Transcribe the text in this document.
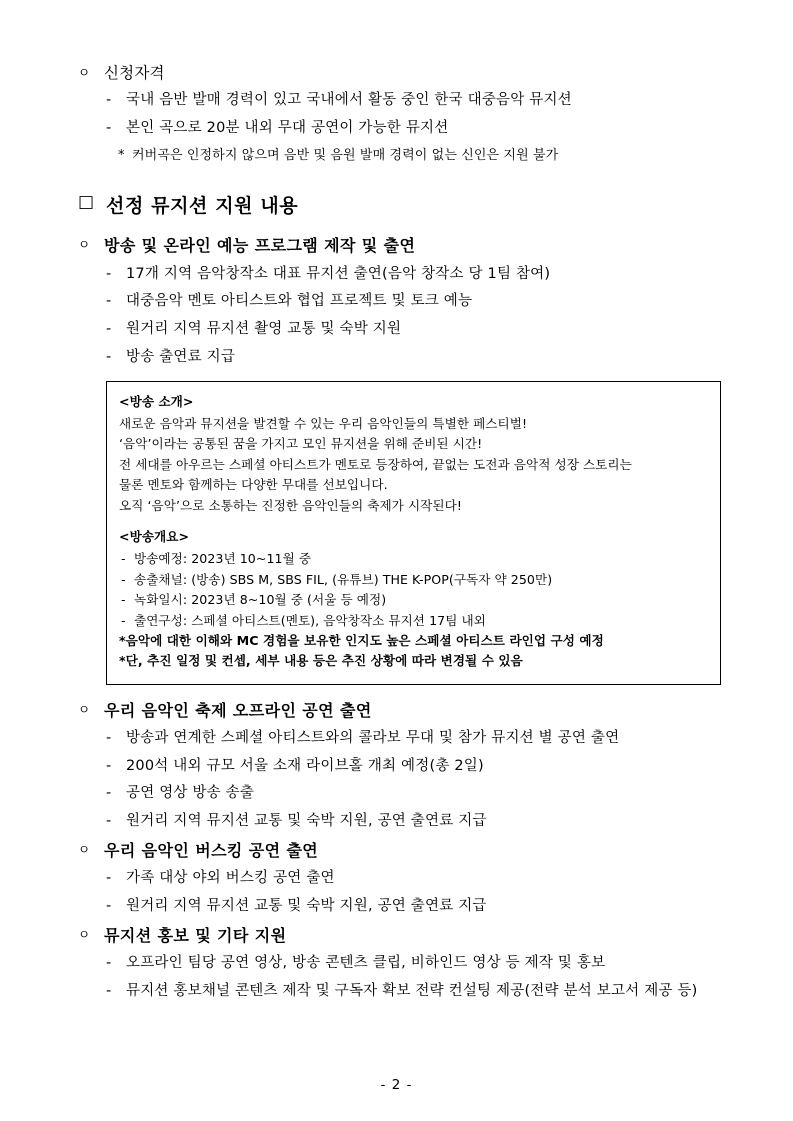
ㅇ 신청자격
-	국내 음반 발매 경력이 있고 국내에서 활동 중인 한국 대중음악 뮤지션
-	본인 곡으로 20분 내외 무대 공연이 가능한 뮤지션
* 커버곡은 인정하지 않으며 음반 및 음원 발매 경력이 없는 신인은 지원 불가
□ 선정 뮤지션 지원 내용
ㅇ 방송 및 온라인 예능 프로그램 제작 및 출연
-	17개 지역 음악창작소 대표 뮤지션 출연(음악 창작소 당 1팀 참여)
-	대중음악 멘토 아티스트와 협업 프로젝트 및 토크 예능
-	원거리 지역 뮤지션 촬영 교통 및 숙박 지원
-	방송 출연료 지급

<방송 소개>

새로운 음악과 뮤지션을 발견할 수 있는 우리 음악인들의 특별한 페스티벌!

‘음악’이라는 공통된 꿈을 가지고 모인 뮤지션을 위해 준비된 시간!

전 세대를 아우르는 스페셜 아티스트가 멘토로 등장하여, 끝없는 도전과 음악적 성장 스토리는

물론 멘토와 함께하는 다양한 무대를 선보입니다.

오직 ‘음악’으로 소통하는 진정한 음악인들의 축제가 시작된다!

<방송개요>

- 방송예정: 2023년 10~11월 중
- 송출채널: (방송) SBS M, SBS FIL, (유튜브) THE K-POP(구독자 약 250만)
- 녹화일시: 2023년 8~10월 중 (서울 등 예정)
- 출연구성: 스페셜 아티스트(멘토), 음악창작소 뮤지션 17팀 내외

*음악에 대한 이해와 MC 경험을 보유한 인지도 높은 스페셜 아티스트 라인업 구성 예정

*단, 추진 일정 및 컨셉, 세부 내용 등은 추진 상황에 따라 변경될 수 있음

ㅇ 우리 음악인 축제 오프라인 공연 출연
-	방송과 연계한 스페셜 아티스트와의 콜라보 무대 및 참가 뮤지션 별 공연 출연
-	200석 내외 규모 서울 소재 라이브홀 개최 예정(총 2일)
-	공연 영상 방송 송출
-	원거리 지역 뮤지션 교통 및 숙박 지원, 공연 출연료 지급
ㅇ 우리 음악인 버스킹 공연 출연
-	가족 대상 야외 버스킹 공연 출연
-	원거리 지역 뮤지션 교통 및 숙박 지원, 공연 출연료 지급
ㅇ 뮤지션 홍보 및 기타 지원
-	오프라인 팀당 공연 영상, 방송 콘텐츠 클립, 비하인드 영상 등 제작 및 홍보
-	뮤지션 홍보채널 콘텐츠 제작 및 구독자 확보 전략 컨설팅 제공(전략 분석 보고서 제공 등)
- 2 -
